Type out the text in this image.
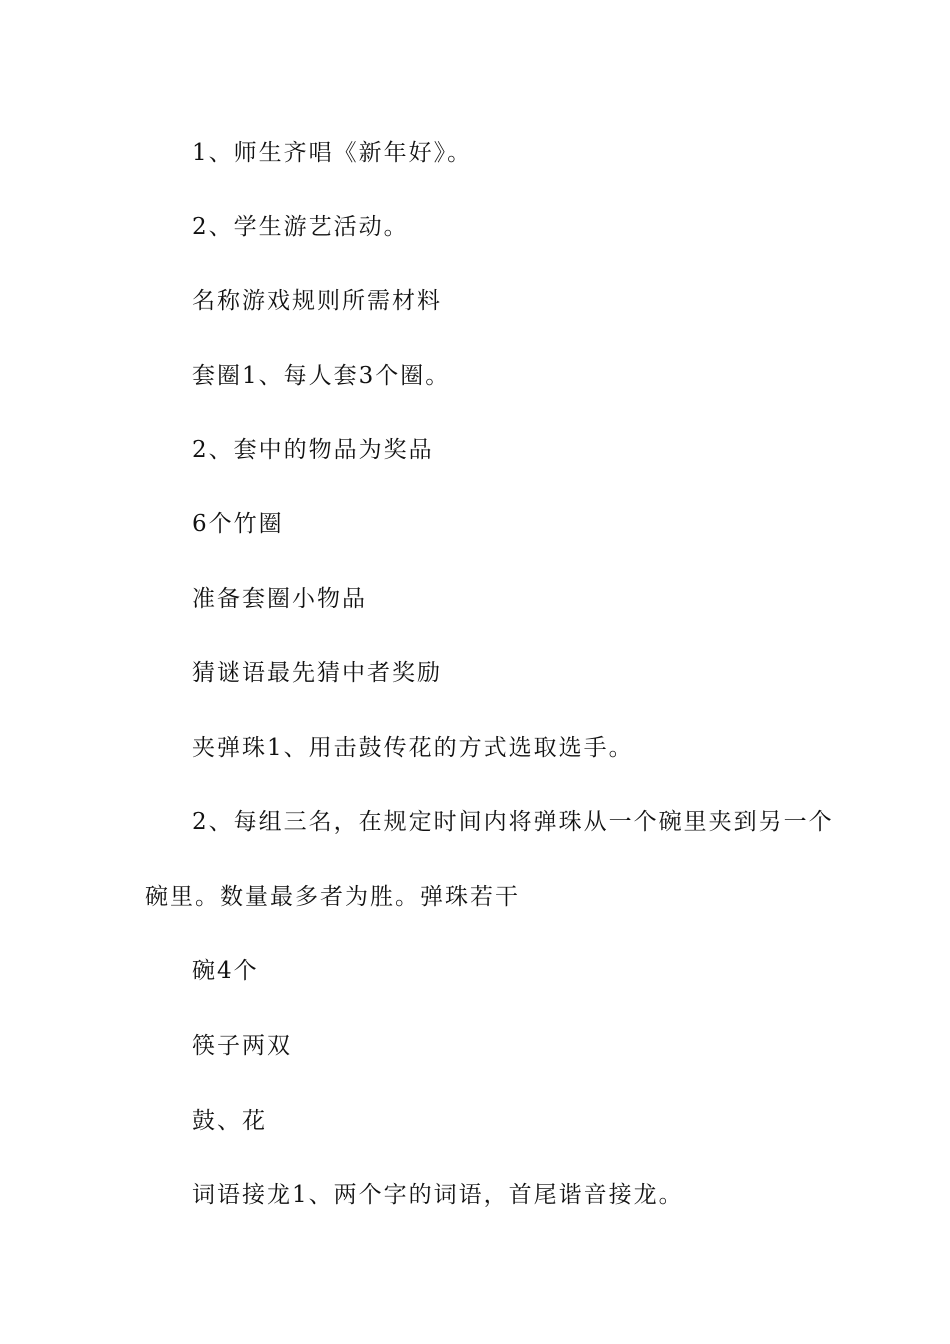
1、师生齐唱《新年好》。
2、学生游艺活动。
名称游戏规则所需材料
套圈1、每人套3个圈。
2、套中的物品为奖品
6个竹圈
准备套圈小物品
猜谜语最先猜中者奖励
夹弹珠1、用击鼓传花的方式选取选手。
2、每组三名，在规定时间内将弹珠从一个碗里夹到另一个
碗里。数量最多者为胜。弹珠若干
碗4个
筷子两双
鼓、花
词语接龙1、两个字的词语，首尾谐音接龙。
